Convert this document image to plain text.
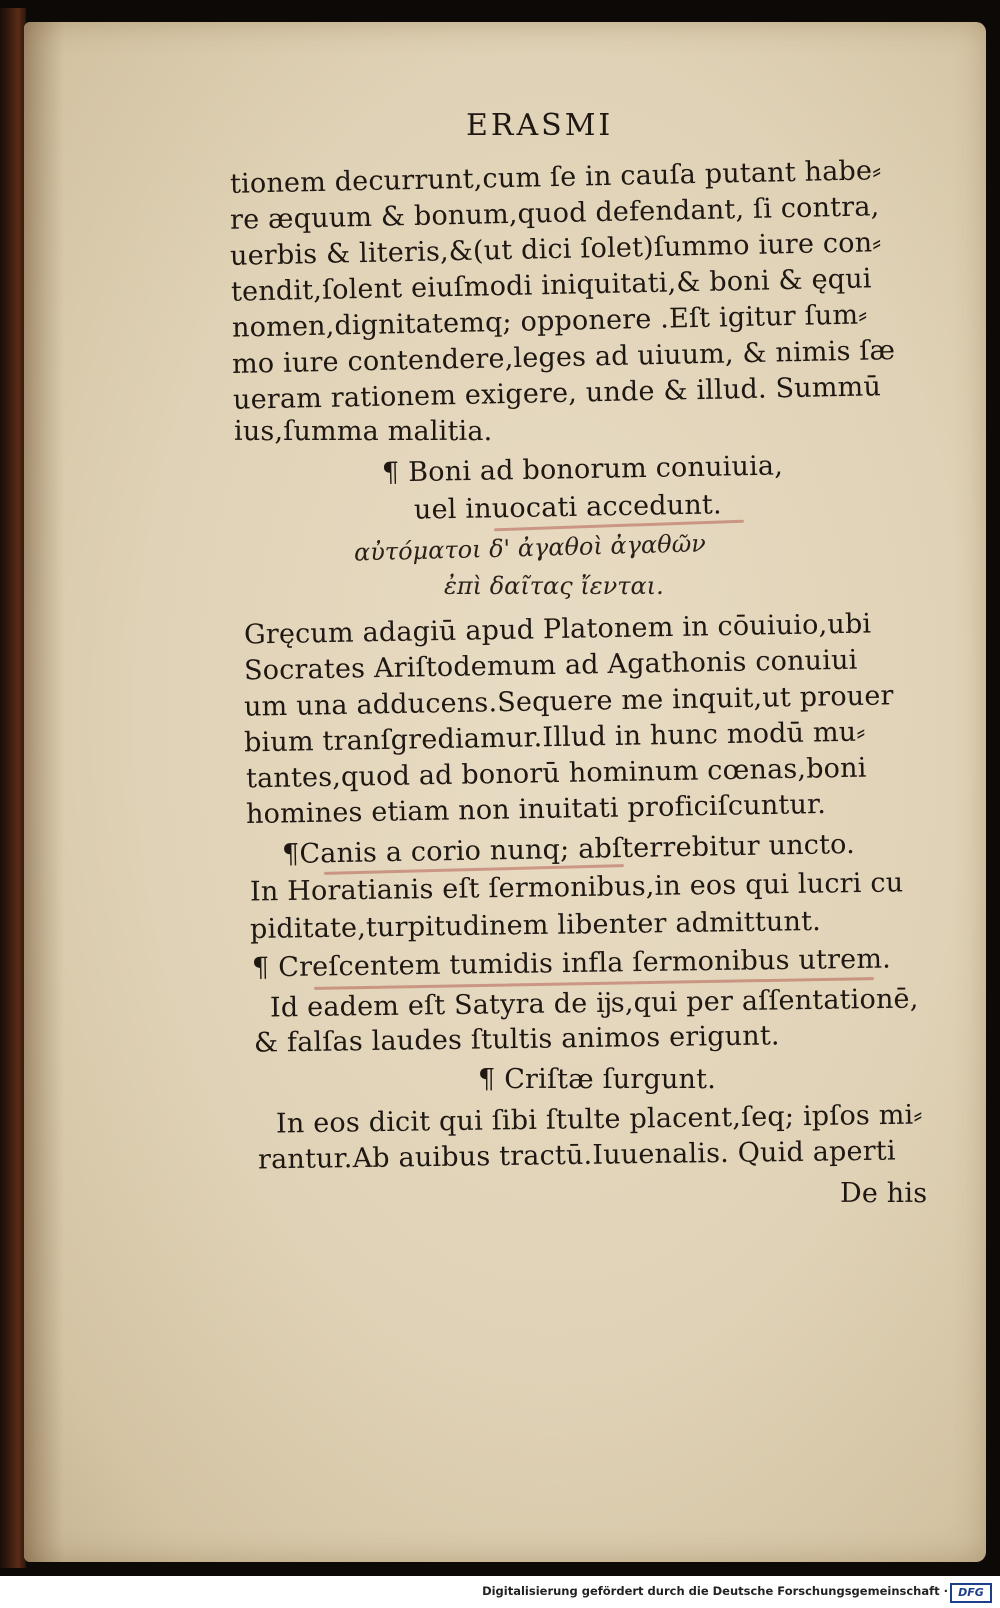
ERASMI
tionem decurrunt,cum ſe in cauſa putant habe⸗
re æquum & bonum,quod defendant, ſi contra,
uerbis & literis,&(ut dici ſolet)ſummo iure con⸗
tendit,ſolent eiuſmodi iniquitati,& boni & ęqui
nomen,dignitatemq; opponere .Eſt igitur ſum⸗
mo iure contendere,leges ad uiuum, & nimis ſæ
ueram rationem exigere, unde & illud. Summū
ius,ſumma malitia.
¶ Boni ad bonorum conuiuia,
uel inuocati accedunt.
αὐτόματοι δ' ἀγαθοὶ ἀγαθῶν
ἐπὶ δαῖτας ἴενται.
Gręcum adagiū apud Platonem in cōuiuio,ubi
Socrates Ariſtodemum ad Agathonis conuiui
um una adducens.Sequere me inquit,ut prouer
bium tranſgrediamur.Illud in hunc modū mu⸗
tantes,quod ad bonorū hominum cœnas,boni
homines etiam non inuitati proficiſcuntur.
¶Canis a corio nunq; abſterrebitur uncto.
In Horatianis eſt ſermonibus,in eos qui lucri cu
piditate,turpitudinem libenter admittunt.
¶ Creſcentem tumidis infla ſermonibus utrem.
Id eadem eſt Satyra de ĳs,qui per aſſentationē,
& falſas laudes ſtultis animos erigunt.
¶ Criſtæ ſurgunt.
In eos dicit qui ſibi ſtulte placent,ſeq; ipſos mi⸗
rantur.Ab auibus tractū.Iuuenalis. Quid aperti
De his
Digitalisierung gefördert durch die Deutsche Forschungsgemeinschaft · DFG
